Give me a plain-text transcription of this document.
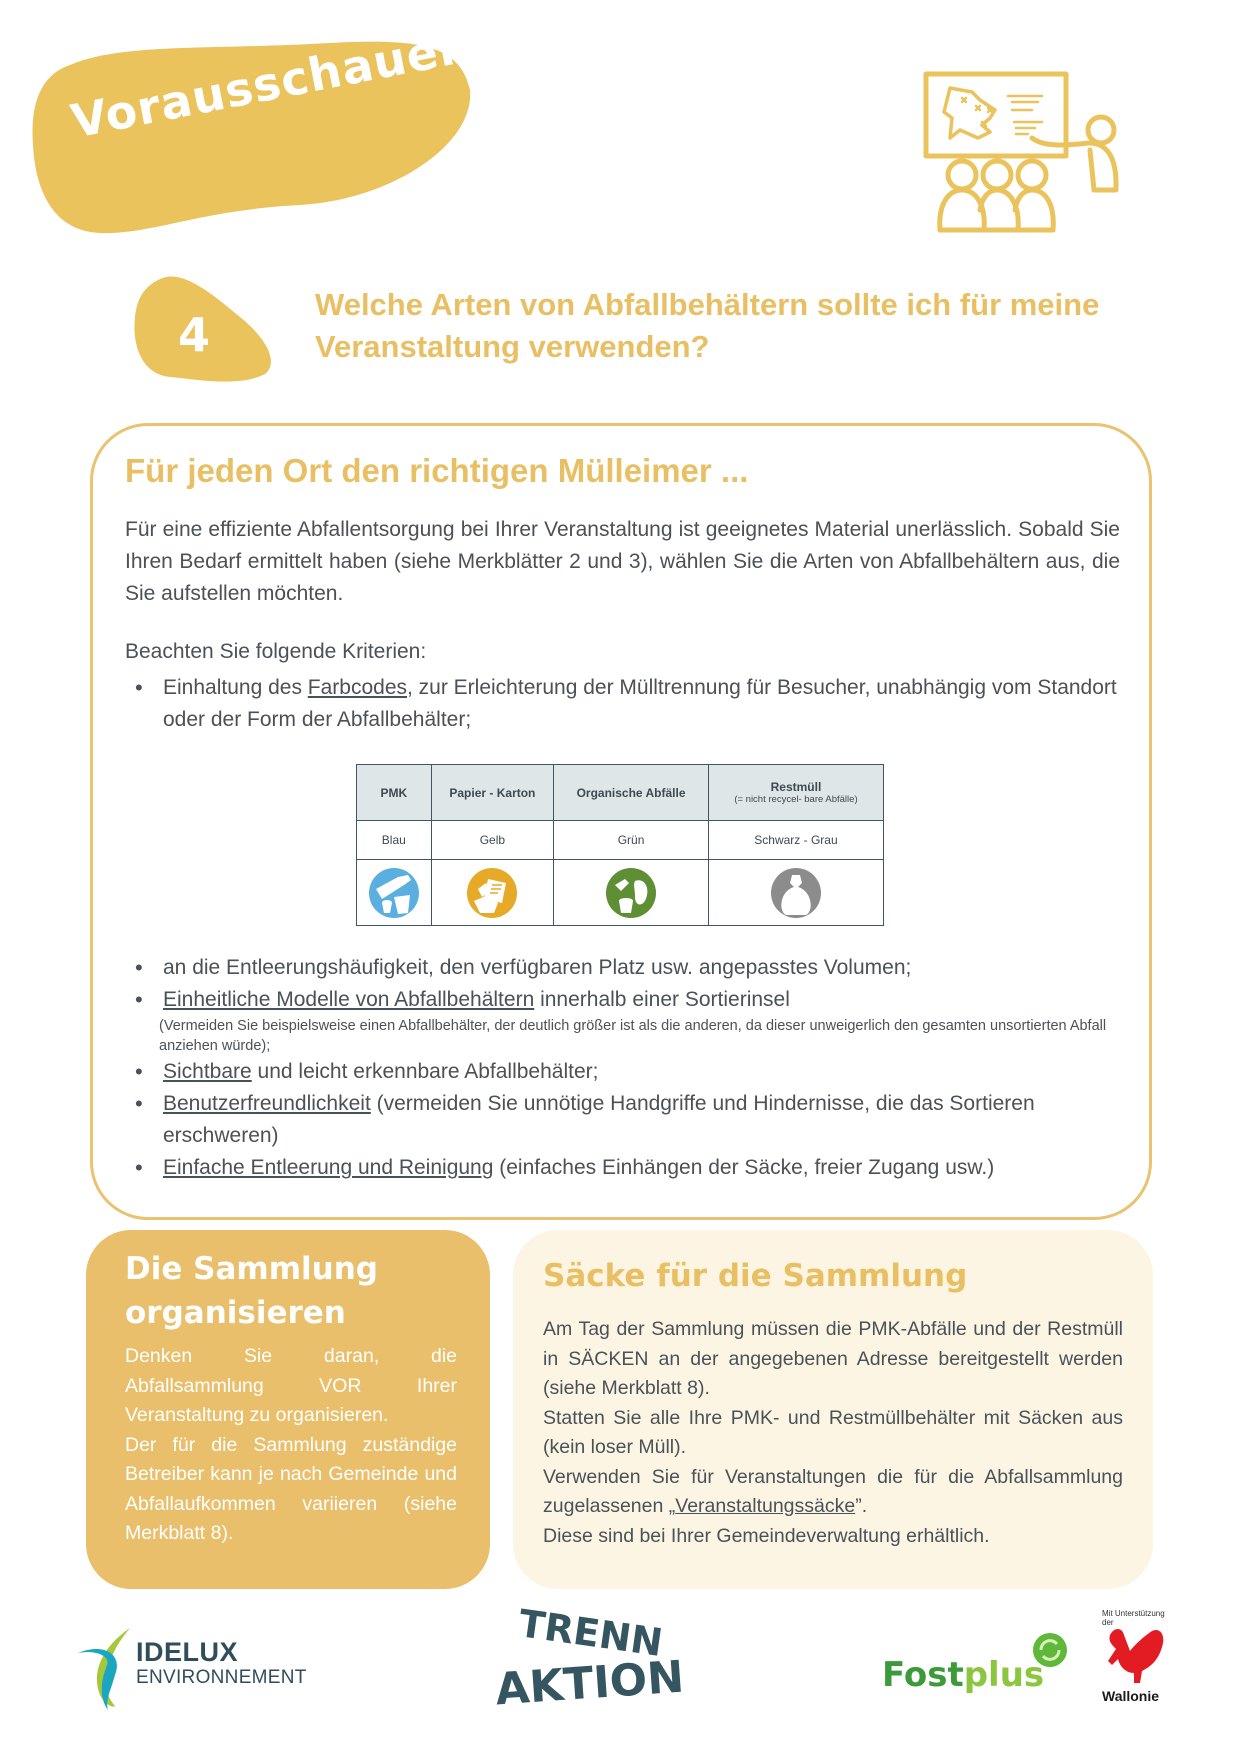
Vorausschauend
4
Welche Arten von Abfallbehältern sollte ich für meine Veranstaltung verwenden?
Für jeden Ort den richtigen Mülleimer ...
Für eine effiziente Abfallentsorgung bei Ihrer Veranstaltung ist geeignetes Material unerlässlich. Sobald Sie Ihren Bedarf ermittelt haben (siehe Merkblätter 2 und 3), wählen Sie die Arten von Abfallbehältern aus, die Sie aufstellen möchten.
Beachten Sie folgende Kriterien:
• Einhaltung des Farbcodes, zur Erleichterung der Mülltrennung für Besucher, unabhängig vom Standort oder der Form der Abfallbehälter;
PMK	Papier - Karton	Organische Abfälle	Restmüll
(= nicht recycel- bare Abfälle)

Blau	Gelb	Grün	Schwarz - Grau

• an die Entleerungshäufigkeit, den verfügbaren Platz usw. angepasstes Volumen;
• Einheitliche Modelle von Abfallbehältern innerhalb einer Sortierinsel
(Vermeiden Sie beispielsweise einen Abfallbehälter, der deutlich größer ist als die anderen, da dieser unweigerlich den gesamten unsortierten Abfall anziehen würde);
• Sichtbare und leicht erkennbare Abfallbehälter;
• Benutzerfreundlichkeit (vermeiden Sie unnötige Handgriffe und Hindernisse, die das Sortieren erschweren)
• Einfache Entleerung und Reinigung (einfaches Einhängen der Säcke, freier Zugang usw.)
Die Sammlung organisieren

Denken Sie daran, die Abfallsammlung VOR Ihrer Veranstaltung zu organisieren.

Der für die Sammlung zuständige Betreiber kann je nach Gemeinde und Abfallaufkommen variieren (siehe Merkblatt 8).

Säcke für die Sammlung

Am Tag der Sammlung müssen die PMK-Abfälle und der Restmüll in SÄCKEN an der angegebenen Adresse bereitgestellt werden (siehe Merkblatt 8).

Statten Sie alle Ihre PMK- und Restmüllbehälter mit Säcken aus (kein loser Müll).

Verwenden Sie für Veranstaltungen die für die Abfallsammlung zugelassenen „Veranstaltungssäcke”.

Diese sind bei Ihrer Gemeindeverwaltung erhältlich.

IDELUX
ENVIRONNEMENT
TRENN
AKTION	Fostplus
Mit Unterstützung der
Wallonie
